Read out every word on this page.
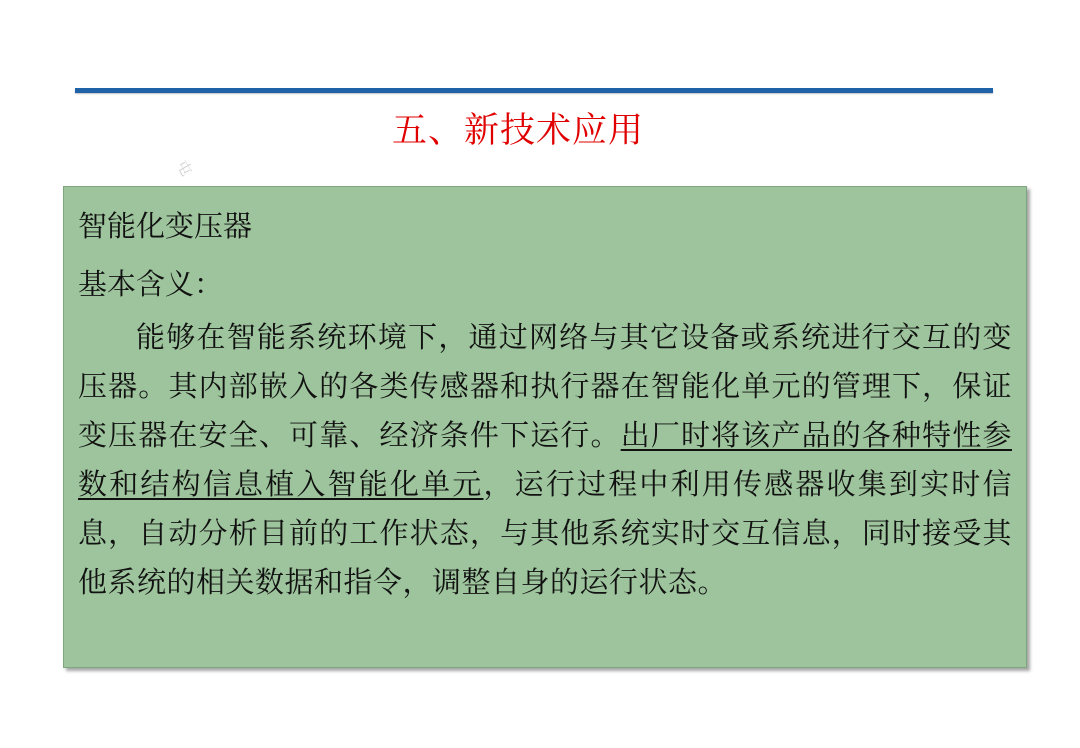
五、新技术应用
屯

智能化变压器

基本含义：

能够在智能系统环境下，通过网络与其它设备或系统进行交互的变压器。其内部嵌入的各类传感器和执行器在智能化单元的管理下，保证变压器在安全、可靠、经济条件下运行。出厂时将该产品的各种特性参数和结构信息植入智能化单元，运行过程中利用传感器收集到实时信息，自动分析目前的工作状态，与其他系统实时交互信息，同时接受其他系统的相关数据和指令，调整自身的运行状态。
